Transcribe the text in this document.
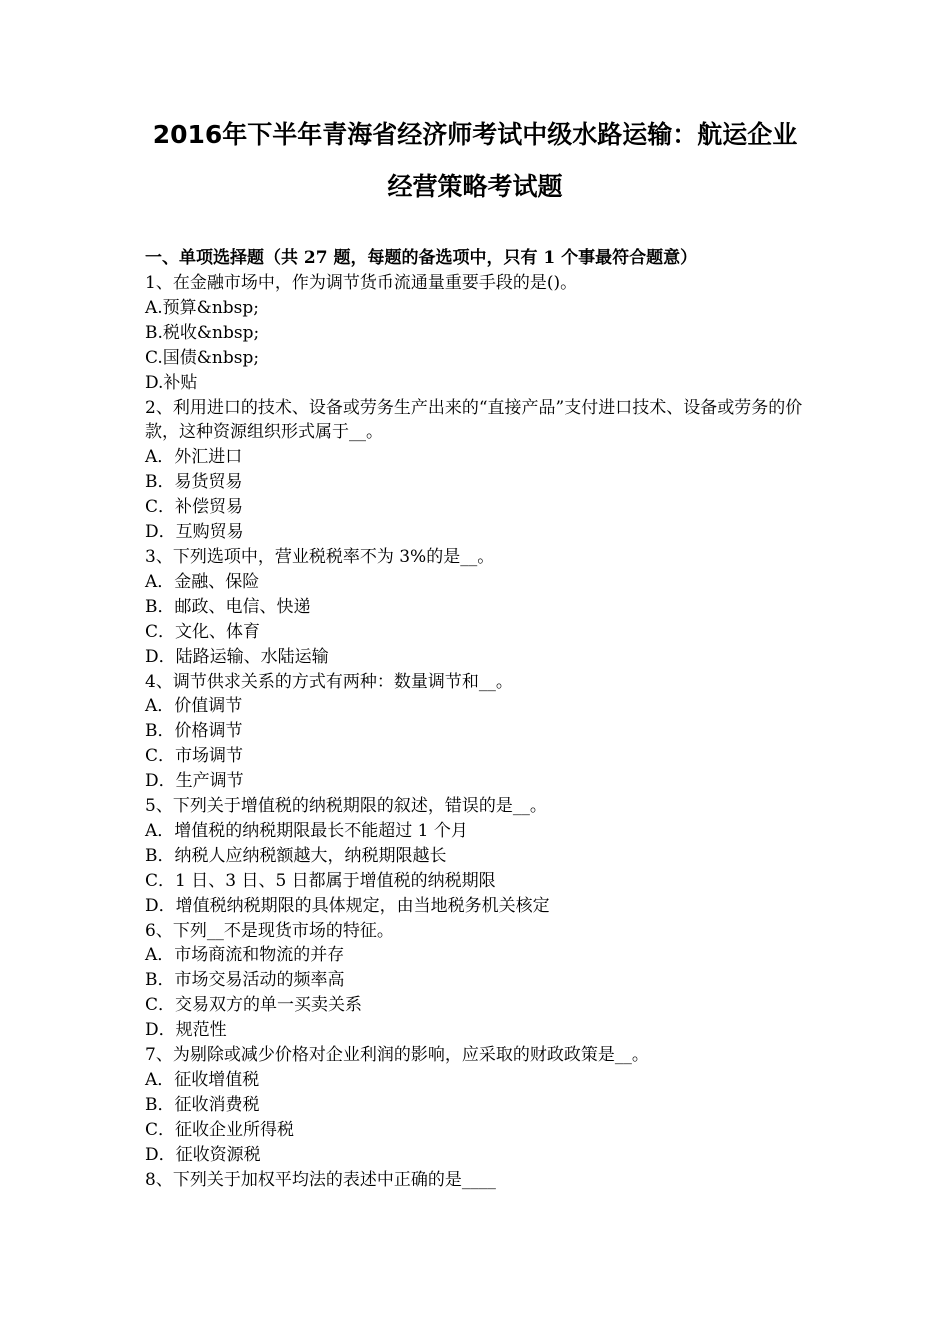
2016年下半年青海省经济师考试中级水路运输：航运企业
经营策略考试题
一、单项选择题（共 27 题，每题的备选项中，只有 1 个事最符合题意）

1、在金融市场中，作为调节货币流通量重要手段的是()。

A.预算&nbsp;

B.税收&nbsp;

C.国债&nbsp;

D.补贴

2、利用进口的技术、设备或劳务生产出来的“直接产品”支付进口技术、设备或劳务的价款，这种资源组织形式属于__。

A．外汇进口

B．易货贸易

C．补偿贸易

D．互购贸易

3、下列选项中，营业税税率不为 3%的是__。

A．金融、保险

B．邮政、电信、快递

C．文化、体育

D．陆路运输、水陆运输

4、调节供求关系的方式有两种：数量调节和__。

A．价值调节

B．价格调节

C．市场调节

D．生产调节

5、下列关于增值税的纳税期限的叙述，错误的是__。

A．增值税的纳税期限最长不能超过 1 个月

B．纳税人应纳税额越大，纳税期限越长

C．1 日、3 日、5 日都属于增值税的纳税期限

D．增值税纳税期限的具体规定，由当地税务机关核定

6、下列__不是现货市场的特征。

A．市场商流和物流的并存

B．市场交易活动的频率高

C．交易双方的单一买卖关系

D．规范性

7、为剔除或减少价格对企业利润的影响，应采取的财政政策是__。

A．征收增值税

B．征收消费税

C．征收企业所得税

D．征收资源税

8、下列关于加权平均法的表述中正确的是____
